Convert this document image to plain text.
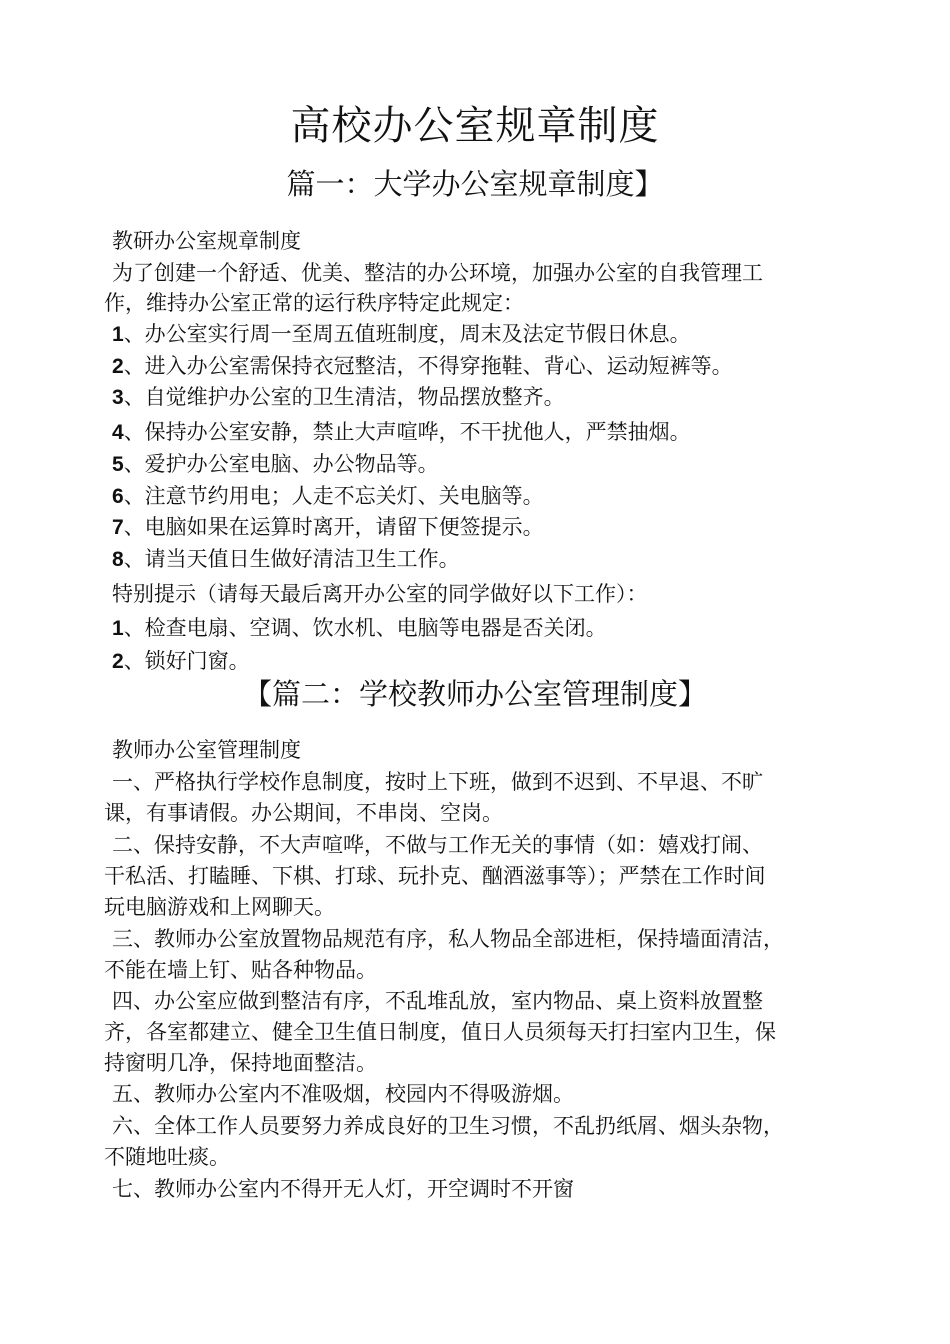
高校办公室规章制度
篇一：大学办公室规章制度】
教研办公室规章制度
为了创建一个舒适、优美、整洁的办公环境，加强办公室的自我管理工
作，维持办公室正常的运行秩序特定此规定：
1、办公室实行周一至周五值班制度，周末及法定节假日休息。
2、进入办公室需保持衣冠整洁，不得穿拖鞋、背心、运动短裤等。
3、自觉维护办公室的卫生清洁，物品摆放整齐。
4、保持办公室安静，禁止大声喧哗，不干扰他人，严禁抽烟。
5、爱护办公室电脑、办公物品等。
6、注意节约用电；人走不忘关灯、关电脑等。
7、电脑如果在运算时离开，请留下便签提示。
8、请当天值日生做好清洁卫生工作。
特别提示（请每天最后离开办公室的同学做好以下工作）：
1、检查电扇、空调、饮水机、电脑等电器是否关闭。
2、锁好门窗。
【篇二：学校教师办公室管理制度】
教师办公室管理制度
一、严格执行学校作息制度，按时上下班，做到不迟到、不早退、不旷
课，有事请假。办公期间，不串岗、空岗。
二、保持安静，不大声喧哗，不做与工作无关的事情（如：嬉戏打闹、
干私活、打瞌睡、下棋、打球、玩扑克、酗酒滋事等）；严禁在工作时间
玩电脑游戏和上网聊天。
三、教师办公室放置物品规范有序，私人物品全部进柜，保持墙面清洁，
不能在墙上钉、贴各种物品。
四、办公室应做到整洁有序，不乱堆乱放，室内物品、桌上资料放置整
齐，各室都建立、健全卫生值日制度，值日人员须每天打扫室内卫生，保
持窗明几净，保持地面整洁。
五、教师办公室内不准吸烟，校园内不得吸游烟。
六、全体工作人员要努力养成良好的卫生习惯，不乱扔纸屑、烟头杂物，
不随地吐痰。
七、教师办公室内不得开无人灯，开空调时不开窗
